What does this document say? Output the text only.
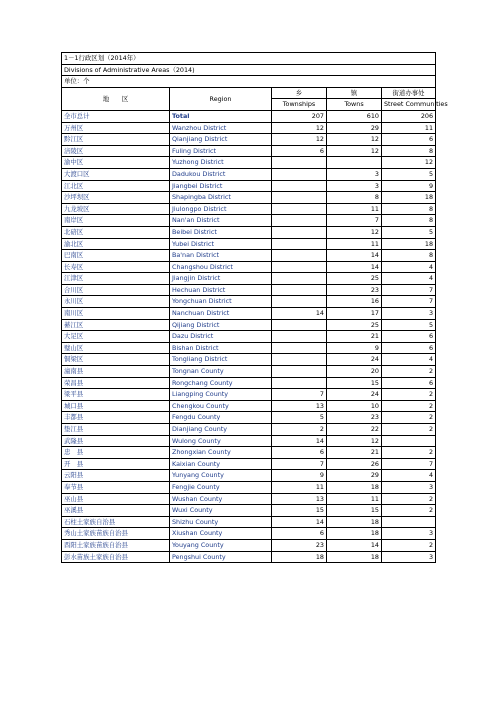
1－1行政区划（2014年）				
Divisions of Administrative Areas（2014)				
单位：个				
地　　区	Region	乡	镇	街道办事处
		Townships	Towns	Street Communities
全市总计	Total	207	610	206
万州区	Wanzhou District	12	29	11
黔江区	Qianjiang District	12	12	6
涪陵区	Fuling District	6	12	8
渝中区	Yuzhong District			12
大渡口区	Dadukou District		3	5
江北区	Jiangbei District		3	9
沙坪坝区	Shapingba District		8	18
九龙坡区	Jiulongpo District		11	8
南岸区	Nan'an District		7	8
北碚区	Beibei District		12	5
渝北区	Yubei District		11	18
巴南区	Ba'nan District		14	8
长寿区	Changshou District		14	4
江津区	Jiangjin District		25	4
合川区	Hechuan District		23	7
永川区	Yongchuan District		16	7
南川区	Nanchuan District	14	17	3
綦江区	Qijiang District		25	5
大足区	Dazu District		21	6
璧山区	Bishan District		9	6
铜梁区	Tongliang District		24	4
潼南县	Tongnan County		20	2
荣昌县	Rongchang County		15	6
梁平县	Liangping County	7	24	2
城口县	Chengkou County	13	10	2
丰都县	Fengdu County	5	23	2
垫江县	Dianjiang County	2	22	2
武隆县	Wulong County	14	12	
忠　县	Zhongxian County	6	21	2
开　县	Kaixian County	7	26	7
云阳县	Yunyang County	9	29	4
奉节县	Fengjie County	11	18	3
巫山县	Wushan County	13	11	2
巫溪县	Wuxi County	15	15	2
石柱土家族自治县	Shizhu County	14	18	
秀山土家族苗族自治县	Xiushan County	6	18	3
酉阳土家族苗族自治县	Youyang County	23	14	2
彭水苗族土家族自治县	Pengshui County	18	18	3
